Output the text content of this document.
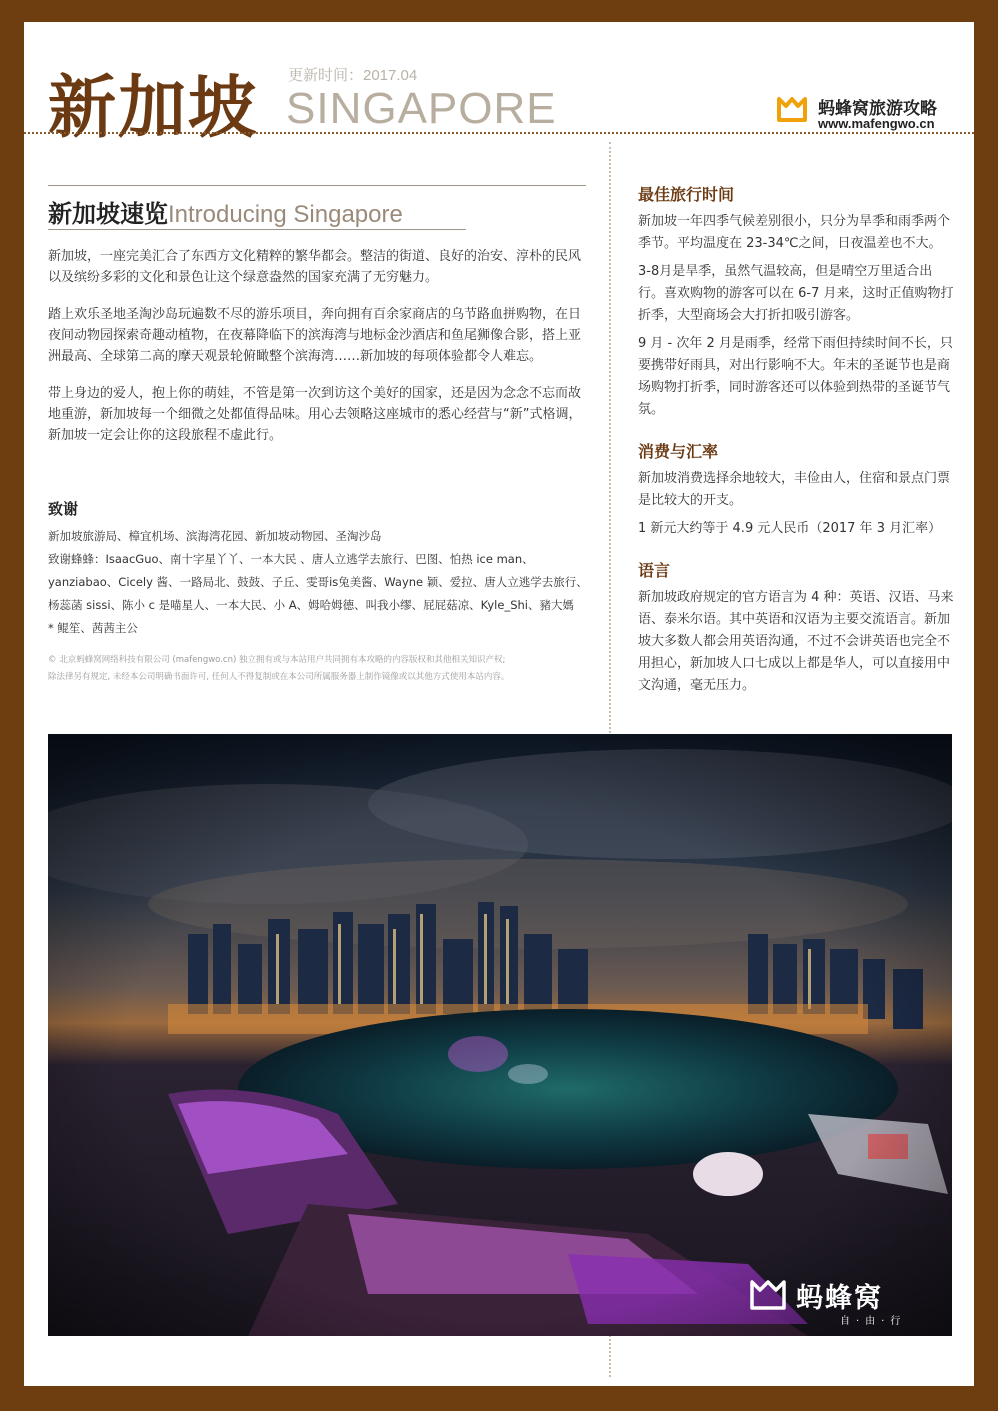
新加坡 更新时间：2017.04
SINGAPORE	蚂蜂窝旅游攻略
www.mafengwo.cn
新加坡速览Introducing Singapore

新加坡，一座完美汇合了东西方文化精粹的繁华都会。整洁的街道、良好的治安、淳朴的民风以及缤纷多彩的文化和景色让这个绿意盎然的国家充满了无穷魅力。

踏上欢乐圣地圣淘沙岛玩遍数不尽的游乐项目，奔向拥有百余家商店的乌节路血拼购物，在日夜间动物园探索奇趣动植物，在夜幕降临下的滨海湾与地标金沙酒店和鱼尾狮像合影，搭上亚洲最高、全球第二高的摩天观景轮俯瞰整个滨海湾……新加坡的每项体验都令人难忘。

带上身边的爱人，抱上你的萌娃，不管是第一次到访这个美好的国家，还是因为念念不忘而故地重游，新加坡每一个细微之处都值得品味。用心去领略这座城市的悉心经营与“新”式格调，新加坡一定会让你的这段旅程不虚此行。

致谢

新加坡旅游局、樟宜机场、滨海湾花园、新加坡动物园、圣淘沙岛

致谢蜂蜂：IsaacGuo、南十字星丫丫、一本大民 、唐人立逃学去旅行、巴图、怕热 ice man、

yanziabao、Cicely 酱、一路局北、鼓鼓、子丘、雯哥is兔美酱、Wayne 颖、爱拉、唐人立逃学去旅行、

杨蕊菡 sissi、陈小 c 是喵星人、一本大民、小 A、姆哈姆德、叫我小缪、屁屁菇凉、Kyle_Shi、豬大媽

* 鲲笙、茜茜主公

© 北京蚂蜂窝网络科技有限公司 (mafengwo.cn) 独立拥有或与本站用户共同拥有本攻略的内容版权和其他相关知识产权;

除法律另有规定, 未经本公司明确书面许可, 任何人不得复制或在本公司所属服务器上制作镜像或以其他方式使用本站内容。

最佳旅行时间

新加坡一年四季气候差别很小，只分为旱季和雨季两个季节。平均温度在 23-34℃之间，日夜温差也不大。

3-8月是旱季，虽然气温较高，但是晴空万里适合出行。喜欢购物的游客可以在 6-7 月来，这时正值购物打折季，大型商场会大打折扣吸引游客。

9 月 - 次年 2 月是雨季，经常下雨但持续时间不长，只要携带好雨具，对出行影响不大。年末的圣诞节也是商场购物打折季，同时游客还可以体验到热带的圣诞节气氛。

消费与汇率

新加坡消费选择余地较大，丰俭由人，住宿和景点门票是比较大的开支。

1 新元大约等于 4.9 元人民币（2017 年 3 月汇率）

语言

新加坡政府规定的官方语言为 4 种：英语、汉语、马来语、泰米尔语。其中英语和汉语为主要交流语言。新加坡大多数人都会用英语沟通，不过不会讲英语也完全不用担心，新加坡人口七成以上都是华人，可以直接用中文沟通，毫无压力。

蚂蜂窝
自·由·行
